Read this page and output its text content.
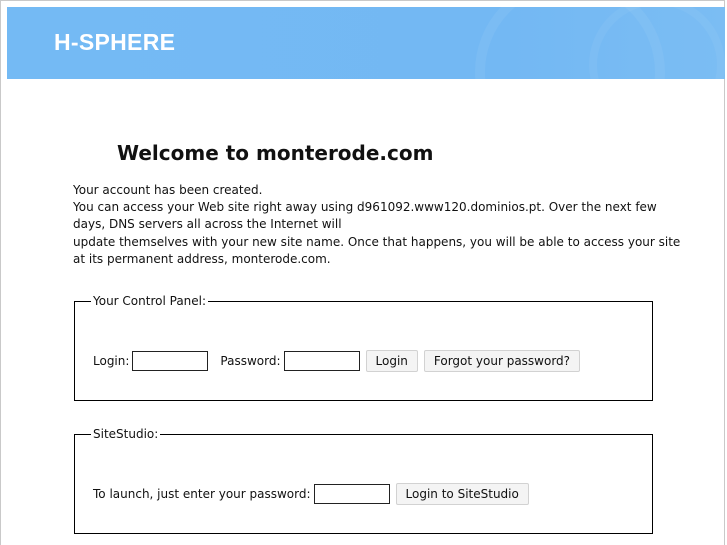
H-SPHERE
Welcome to monterode.com
Your account has been created.
You can access your Web site right away using d961092.www120.dominios.pt. Over the next few
days, DNS servers all across the Internet will
update themselves with your new site name. Once that happens, you will be able to access your site
at its permanent address, monterode.com.
Your Control Panel:
Login:	Password:	Login	Forgot your password?
SiteStudio:
To launch, just enter your password:	Login to SiteStudio
